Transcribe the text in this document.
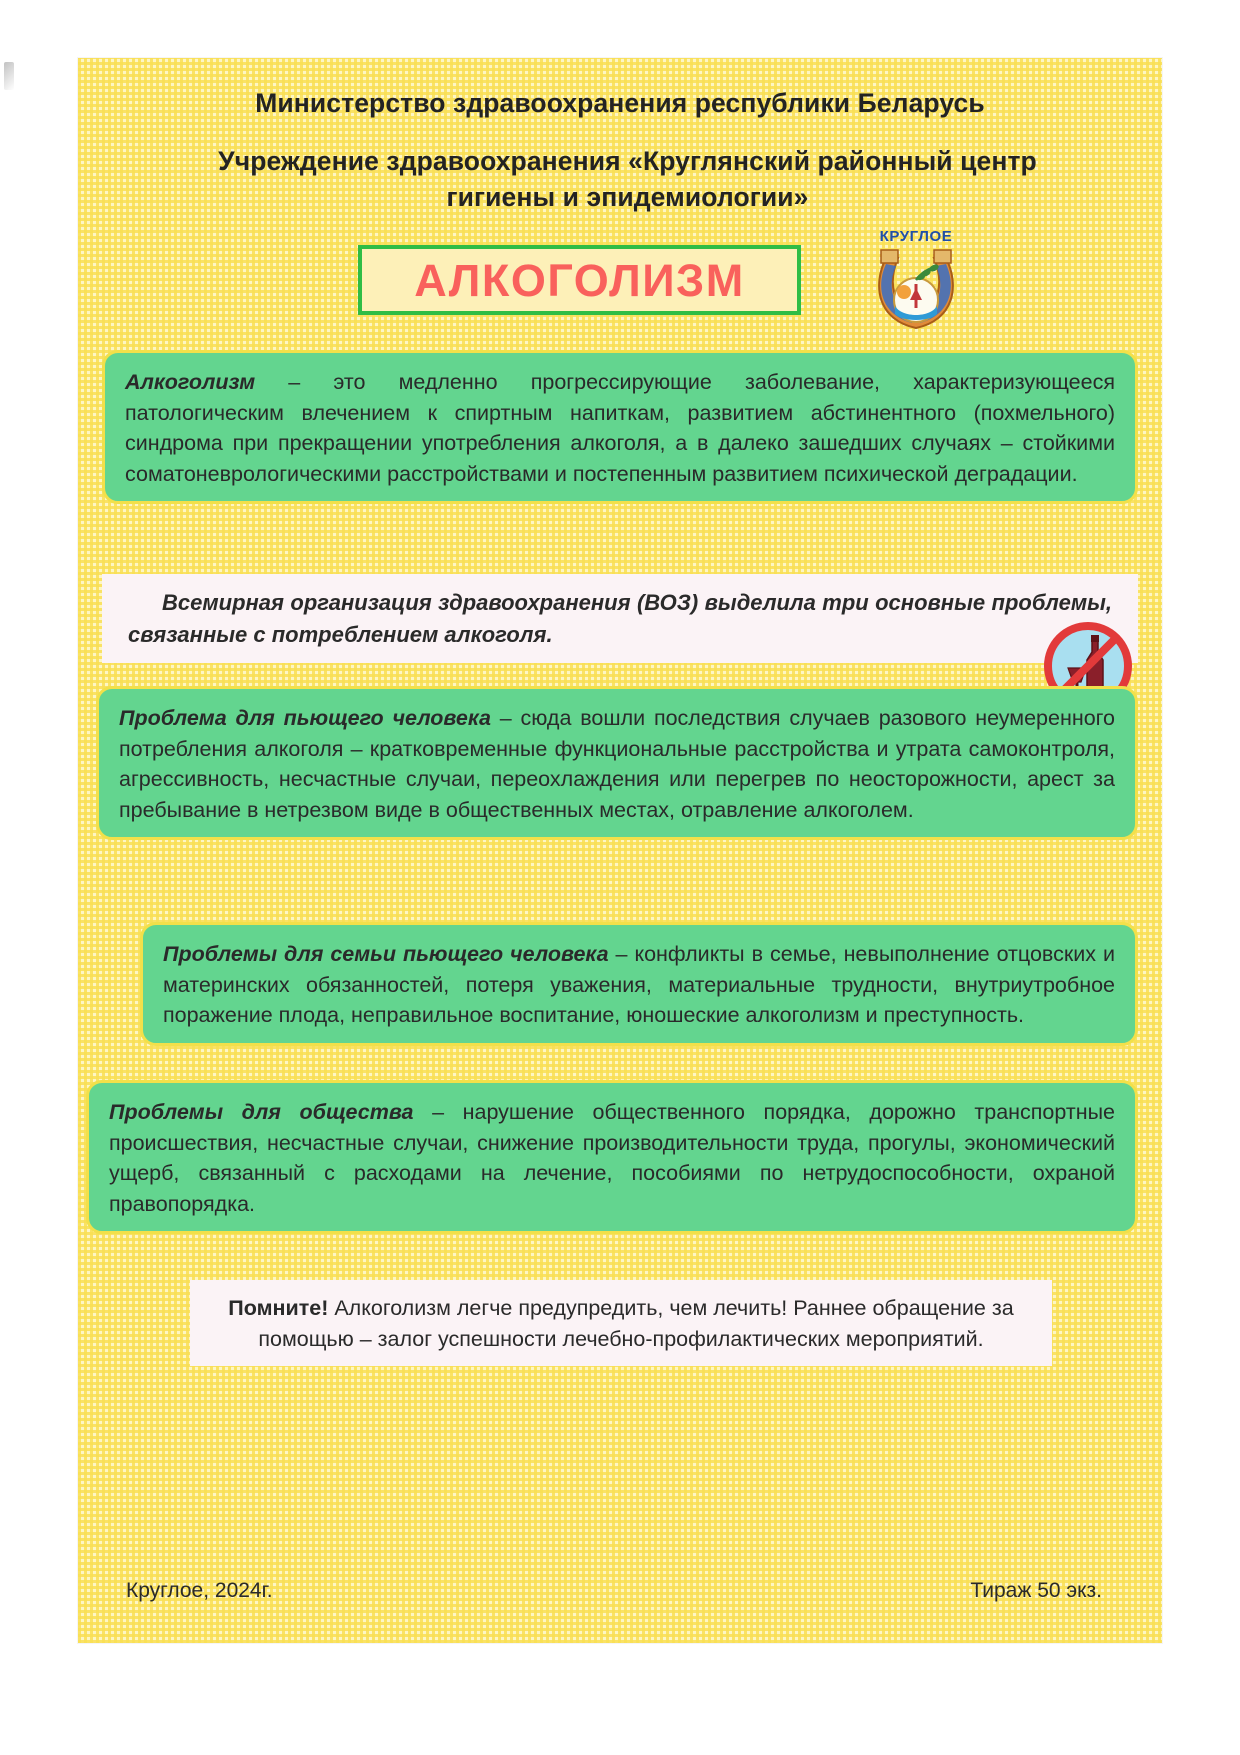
Министерство здравоохранения республики Беларусь
Учреждение здравоохранения «Круглянский районный центр гигиены и эпидемиологии»
АЛКОГОЛИЗМ
КРУГЛОЕ

Алкоголизм – это медленно прогрессирующие заболевание, характеризующееся патологическим влечением к спиртным напиткам, развитием абстинентного (похмельного) синдрома при прекращении употребления алкоголя, а в далеко зашедших случаях – стойкими соматоневрологическими расстройствами и постепенным развитием психической деградации.

Всемирная организация здравоохранения (ВОЗ) выделила три основные проблемы, связанные с потреблением алкоголя.

Проблема для пьющего человека – сюда вошли последствия случаев разового неумеренного потребления алкоголя – кратковременные функциональные расстройства и утрата самоконтроля, агрессивность, несчастные случаи, переохлаждения или перегрев по неосторожности, арест за пребывание в нетрезвом виде в общественных местах, отравление алкоголем.

Проблемы для семьи пьющего человека – конфликты в семье, невыполнение отцовских и материнских обязанностей, потеря уважения, материальные трудности, внутриутробное поражение плода, неправильное воспитание, юношеские алкоголизм и преступность.

Проблемы для общества – нарушение общественного порядка, дорожно транспортные происшествия, несчастные случаи, снижение производительности труда, прогулы, экономический ущерб, связанный с расходами на лечение, пособиями по нетрудоспособности, охраной правопорядка.

Помните! Алкоголизм легче предупредить, чем лечить! Раннее обращение за помощью – залог успешности лечебно-профилактических мероприятий.

Круглое, 2024г.	Тираж 50 экз.
